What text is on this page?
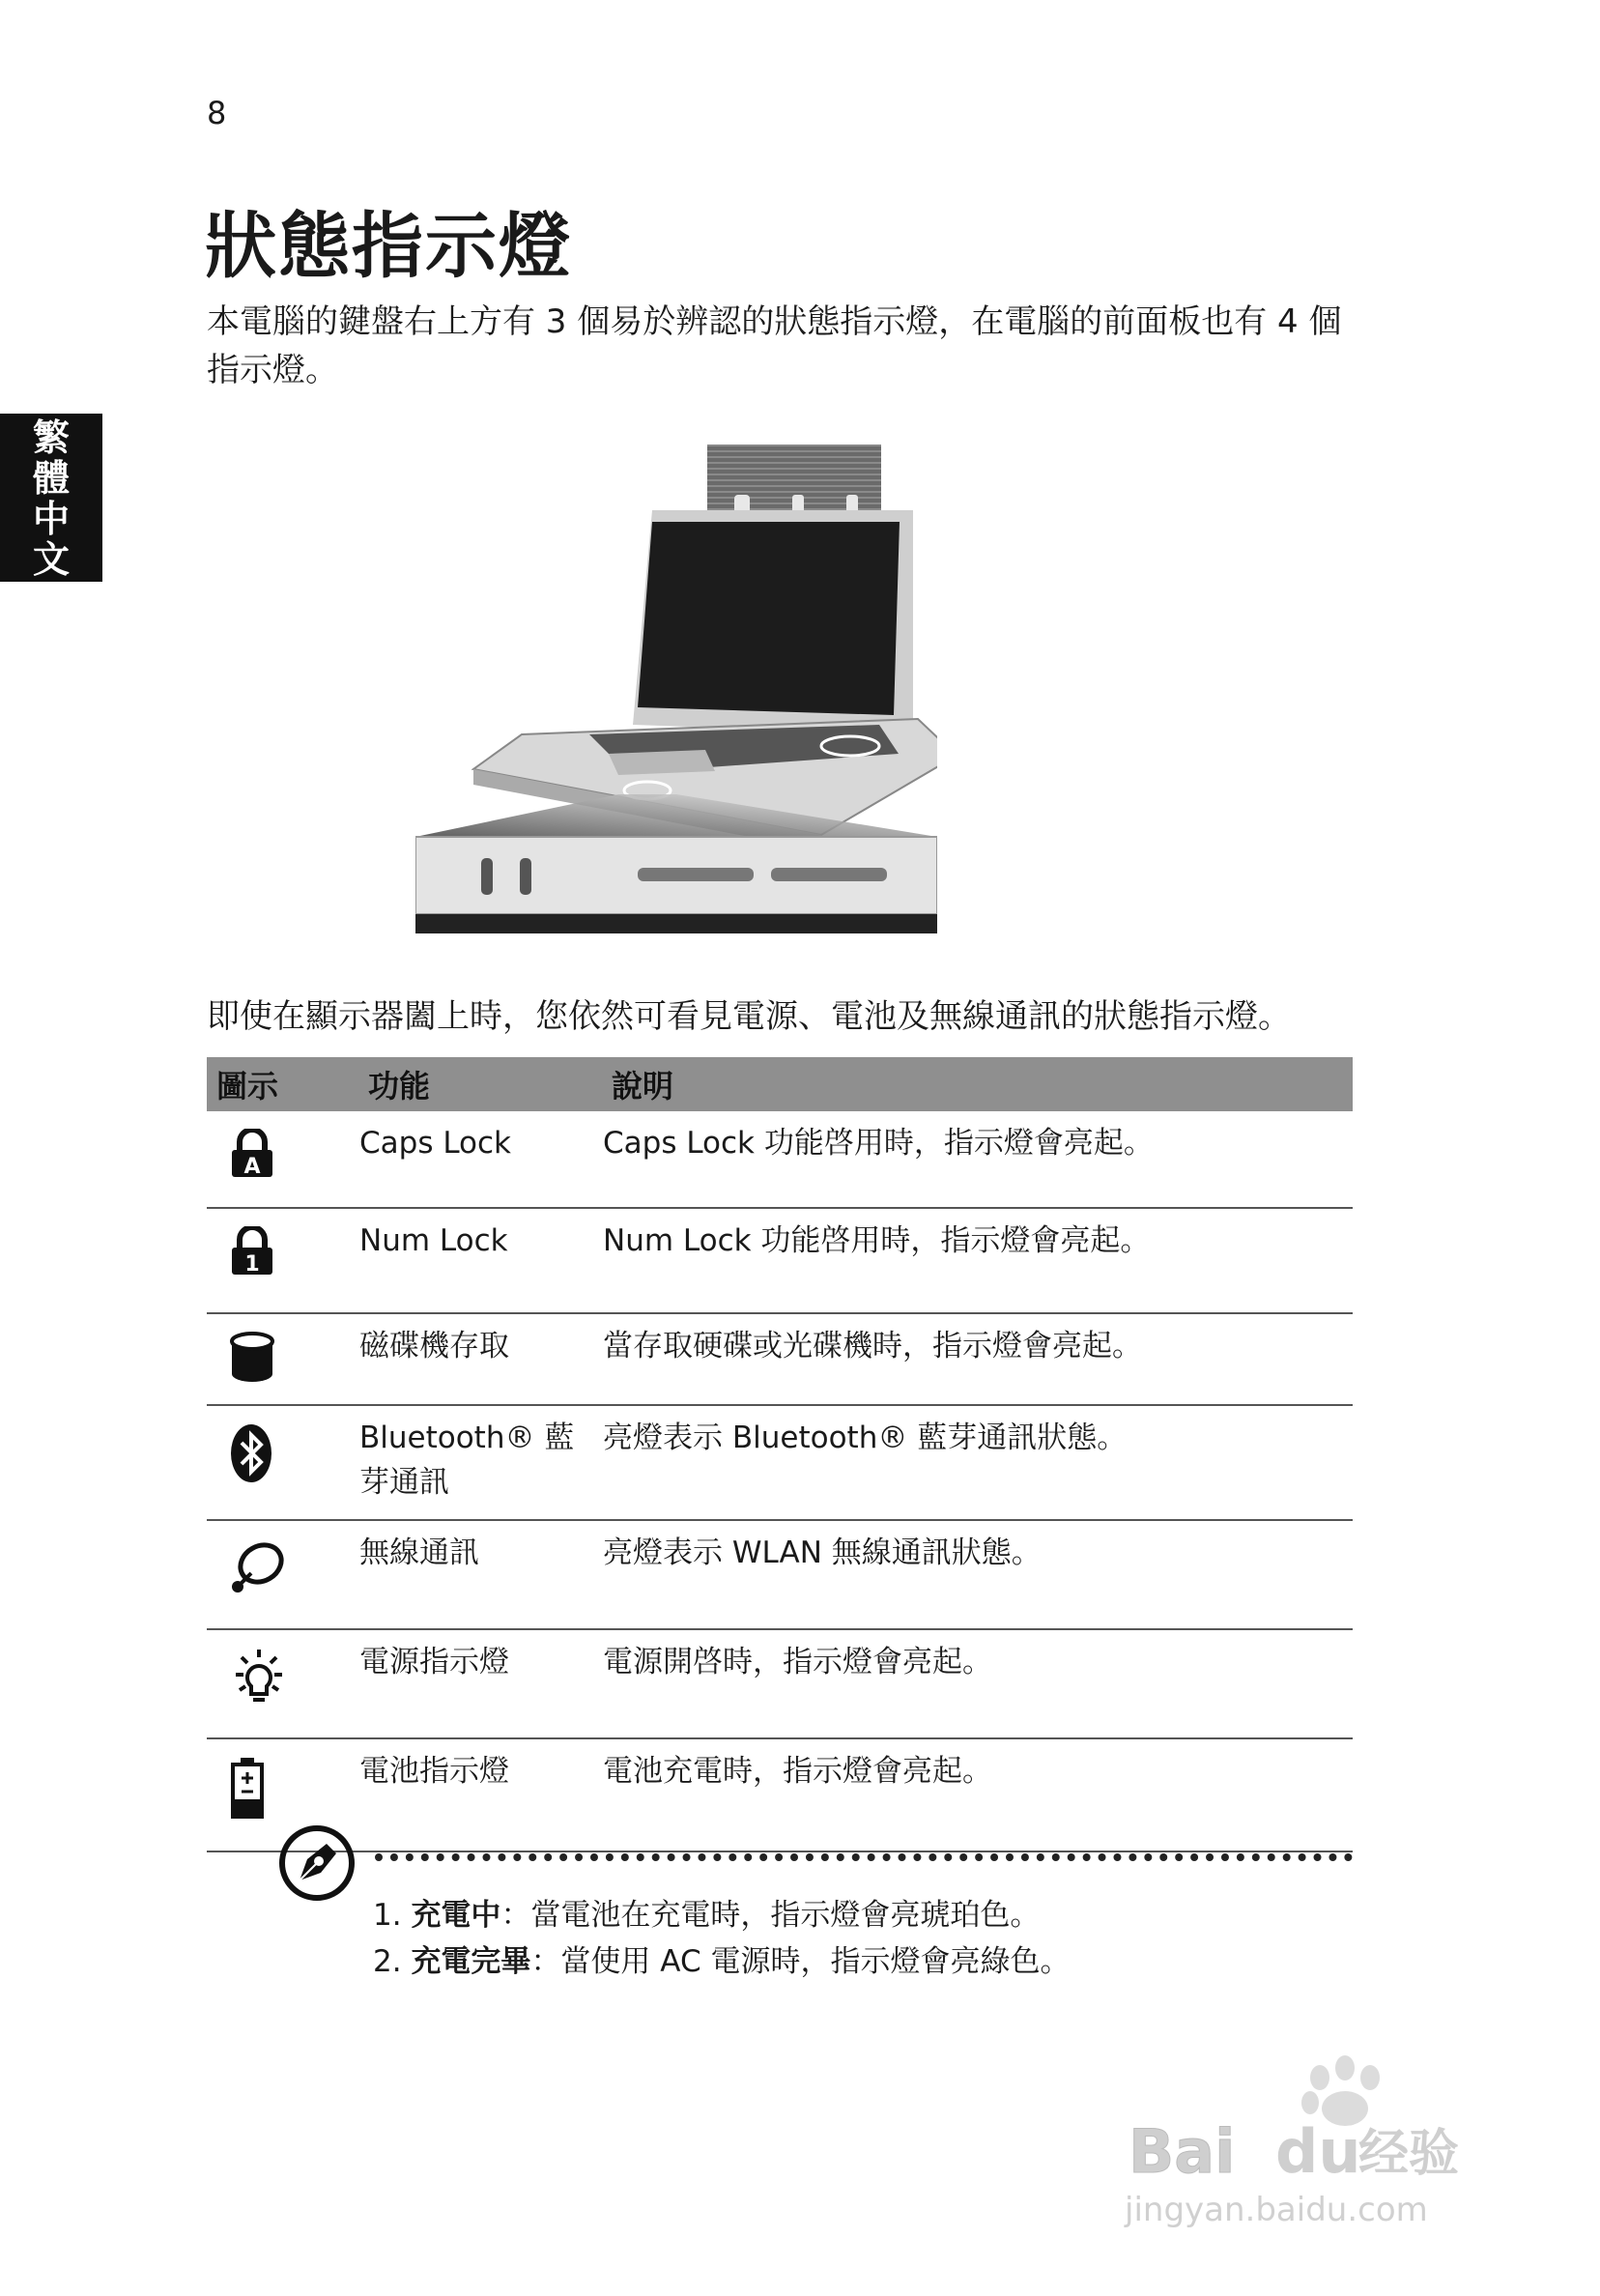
8
狀態指示燈
本電腦的鍵盤右上方有 3 個易於辨認的狀態指示燈，在電腦的前面板也有 4 個指示燈。
繁
體
中
文
即使在顯示器闔上時，您依然可看見電源、電池及無線通訊的狀態指示燈。
圖示	功能	說明

A	Caps Lock	Caps Lock 功能啓用時，指示燈會亮起。

1	Num Lock	Num Lock 功能啓用時，指示燈會亮起。
	磁碟機存取	當存取硬碟或光碟機時，指示燈會亮起。
	Bluetooth® 藍芽通訊	亮燈表示 Bluetooth® 藍芽通訊狀態。
	無線通訊	亮燈表示 WLAN 無線通訊狀態。
	電源指示燈	電源開啓時，指示燈會亮起。
	電池指示燈	電池充電時，指示燈會亮起。
1. 充電中：當電池在充電時，指示燈會亮琥珀色。
2. 充電完畢：當使用 AC 電源時，指示燈會亮綠色。
Bai du
经验
jingyan.baidu.com
